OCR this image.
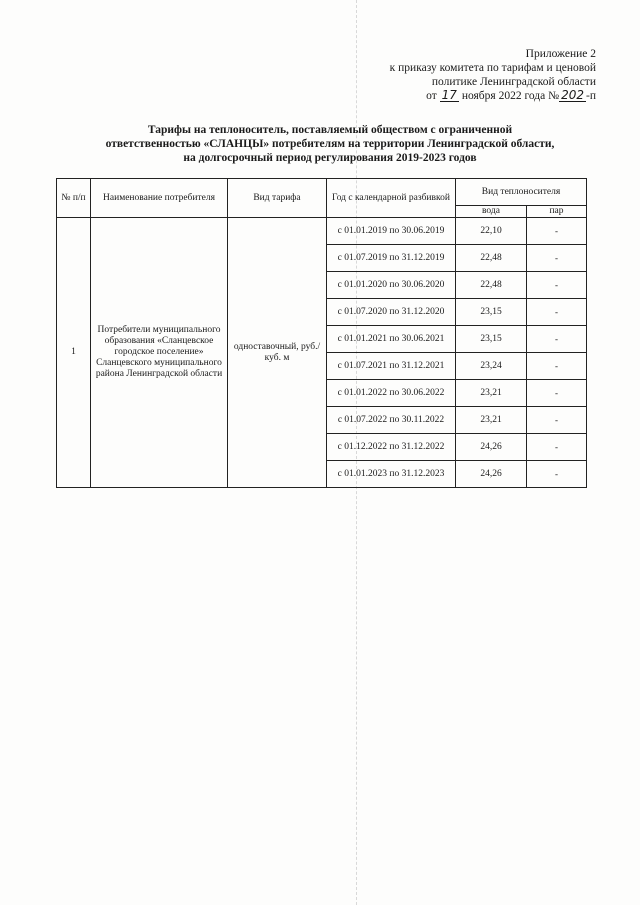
Приложение 2
к приказу комитета по тарифам и ценовой
политике Ленинградской области
от 17 ноября 2022 года № 202 -п
Тарифы на теплоноситель, поставляемый обществом с ограниченной
ответственностью «СЛАНЦЫ» потребителям на территории Ленинградской области,
на долгосрочный период регулирования 2019-2023 годов
№ п/п	Наименование потребителя	Вид тарифа	Год с календарной разбивкой	Вид теплоносителя	
				вода	пар
1	Потребители муниципального образования «Сланцевское городское поселение» Сланцевского муниципального района Ленинградской области	одноставочный, руб./куб. м	с 01.01.2019 по 30.06.2019	22,10	-
			с 01.07.2019 по 31.12.2019	22,48	-
			с 01.01.2020 по 30.06.2020	22,48	-
			с 01.07.2020 по 31.12.2020	23,15	-
			с 01.01.2021 по 30.06.2021	23,15	-
			с 01.07.2021 по 31.12.2021	23,24	-
			с 01.01.2022 по 30.06.2022	23,21	-
			с 01.07.2022 по 30.11.2022	23,21	-
			с 01.12.2022 по 31.12.2022	24,26	-
			с 01.01.2023 по 31.12.2023	24,26	-
